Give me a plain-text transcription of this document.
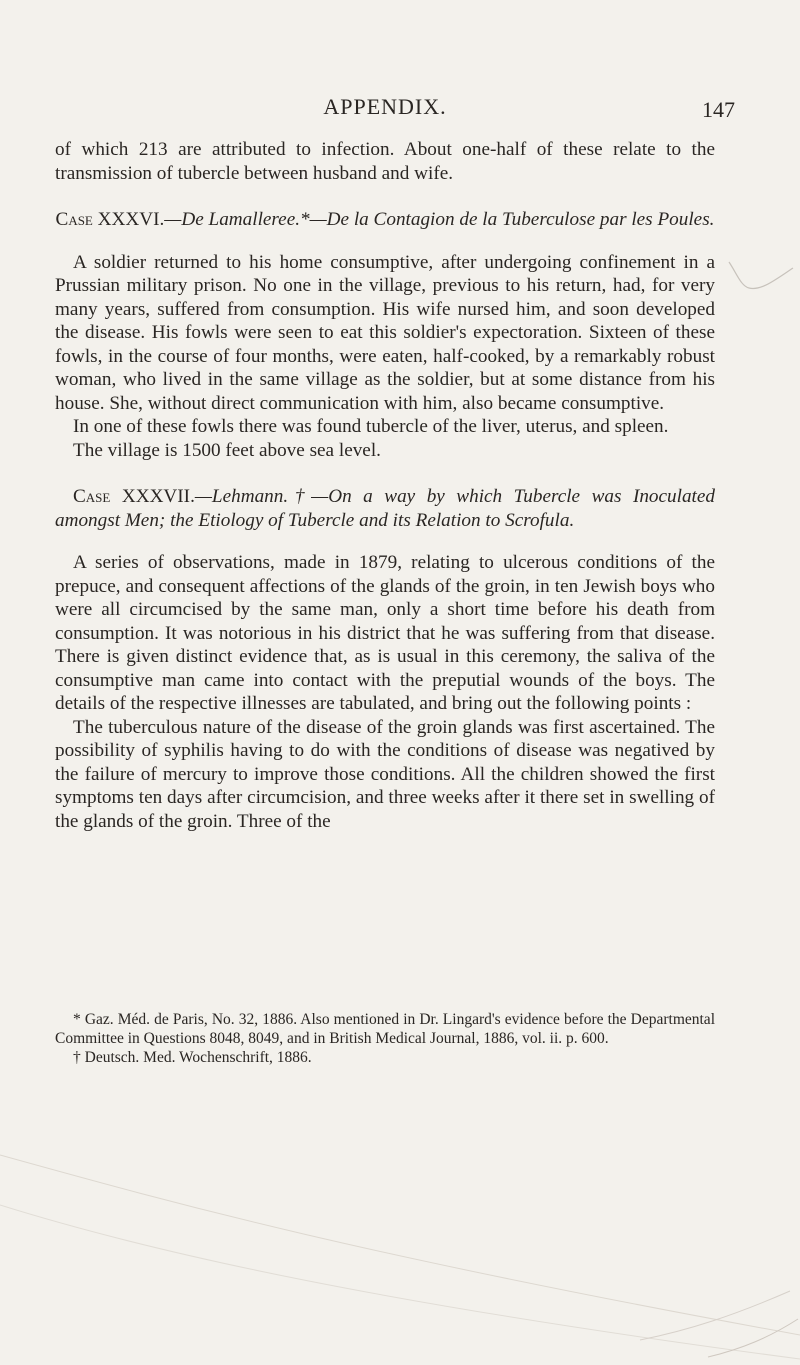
APPENDIX.	147

of which 213 are attributed to infection. About one-half of these relate to the transmission of tubercle between husband and wife.

Case XXXVI.—De Lamalleree.*—De la Contagion de la Tuberculose par les Poules.

A soldier returned to his home consumptive, after undergoing confinement in a Prussian military prison. No one in the village, previous to his return, had, for very many years, suffered from consumption. His wife nursed him, and soon developed the disease. His fowls were seen to eat this soldier's expectoration. Sixteen of these fowls, in the course of four months, were eaten, half-cooked, by a remarkably robust woman, who lived in the same village as the soldier, but at some distance from his house. She, without direct communication with him, also became consumptive.

In one of these fowls there was found tubercle of the liver, uterus, and spleen.

The village is 1500 feet above sea level.

Case XXXVII.—Lehmann.†—On a way by which Tubercle was Inoculated amongst Men; the Etiology of Tubercle and its Relation to Scrofula.

A series of observations, made in 1879, relating to ulcerous conditions of the prepuce, and consequent affections of the glands of the groin, in ten Jewish boys who were all circumcised by the same man, only a short time before his death from consumption. It was notorious in his district that he was suffering from that disease. There is given distinct evidence that, as is usual in this ceremony, the saliva of the consumptive man came into contact with the preputial wounds of the boys. The details of the respective illnesses are tabulated, and bring out the following points :

The tuberculous nature of the disease of the groin glands was first ascertained. The possibility of syphilis having to do with the conditions of disease was negatived by the failure of mercury to improve those conditions. All the children showed the first symptoms ten days after circumcision, and three weeks after it there set in swelling of the glands of the groin. Three of the

* Gaz. Méd. de Paris, No. 32, 1886. Also mentioned in Dr. Lingard's evidence before the Departmental Committee in Questions 8048, 8049, and in British Medical Journal, 1886, vol. ii. p. 600.

† Deutsch. Med. Wochenschrift, 1886.
